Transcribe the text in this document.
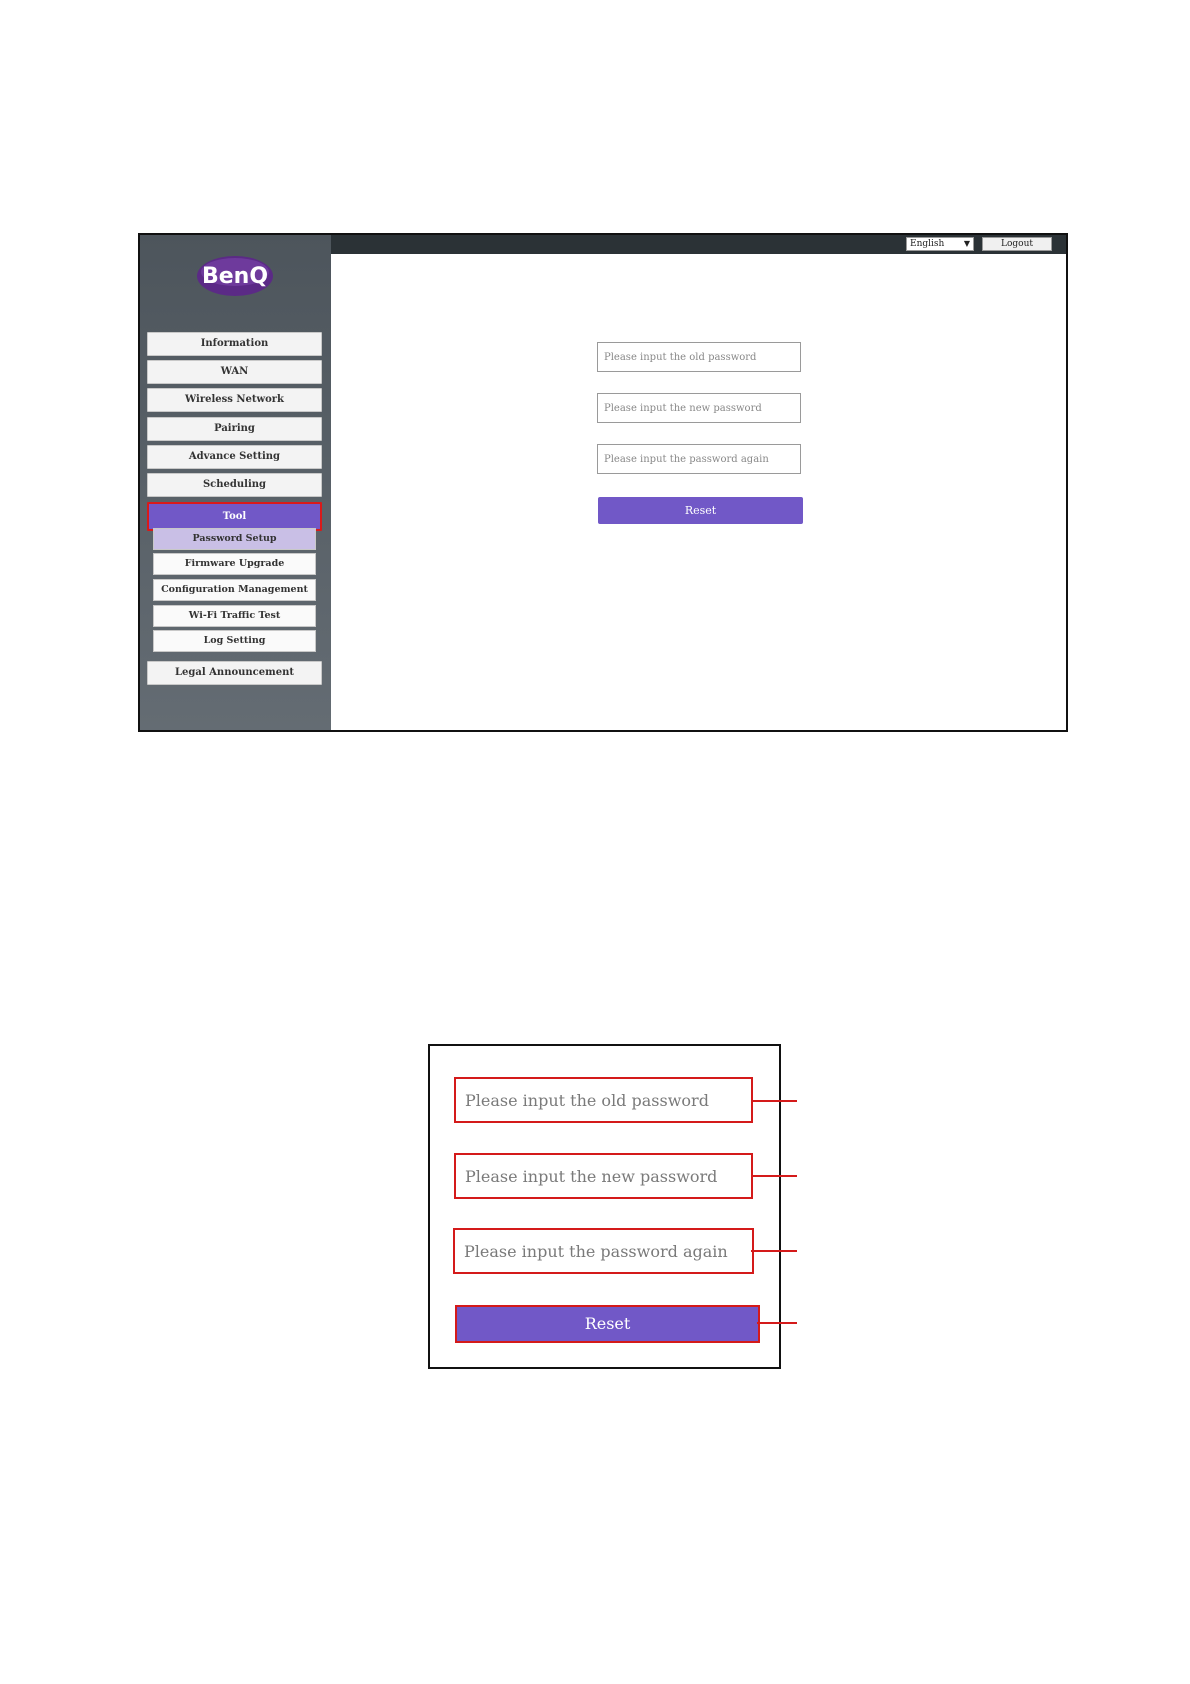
BenQ
Information
WAN
Wireless Network
Pairing
Advance Setting
Scheduling
Tool
Password Setup
Firmware Upgrade
Configuration Management
Wi-Fi Traffic Test
Log Setting
Legal Announcement
English ▼	Logout
Please input the old password
Please input the new password
Please input the password again
Reset
Please input the old password
Please input the new password
Please input the password again
Reset
